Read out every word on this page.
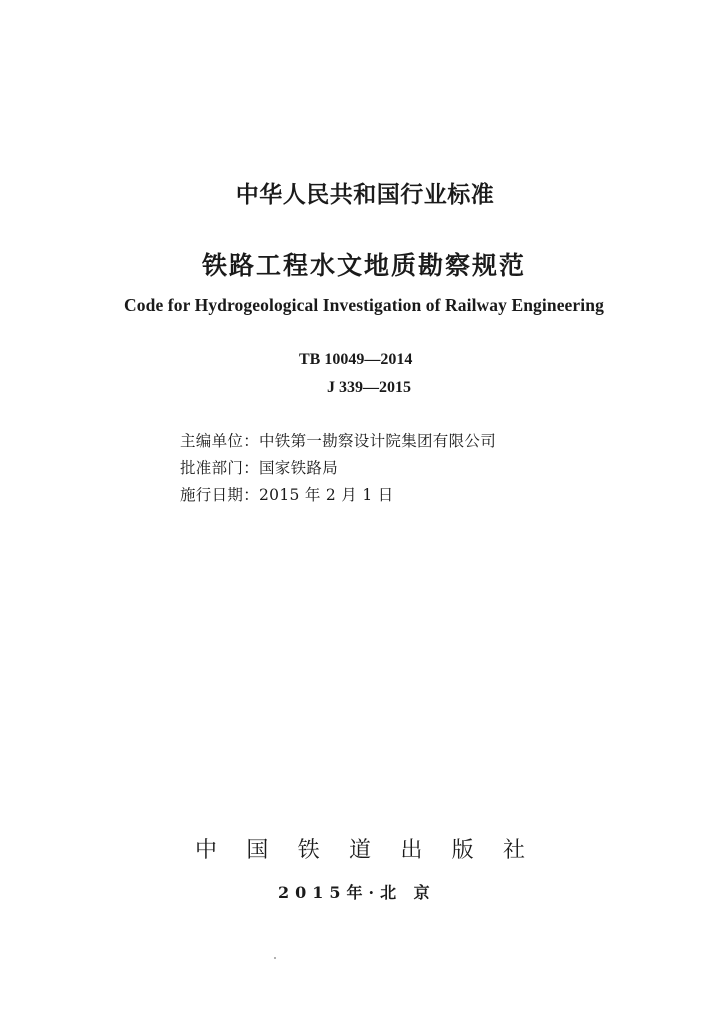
中华人民共和国行业标准
铁路工程水文地质勘察规范
Code for Hydrogeological Investigation of Railway Engineering
TB 10049—2014
J 339—2015
主编单位：中铁第一勘察设计院集团有限公司
批准部门：国家铁路局
施行日期：2015 年 2 月 1 日
中 国 铁 道 出 版 社
2015年·北 京
